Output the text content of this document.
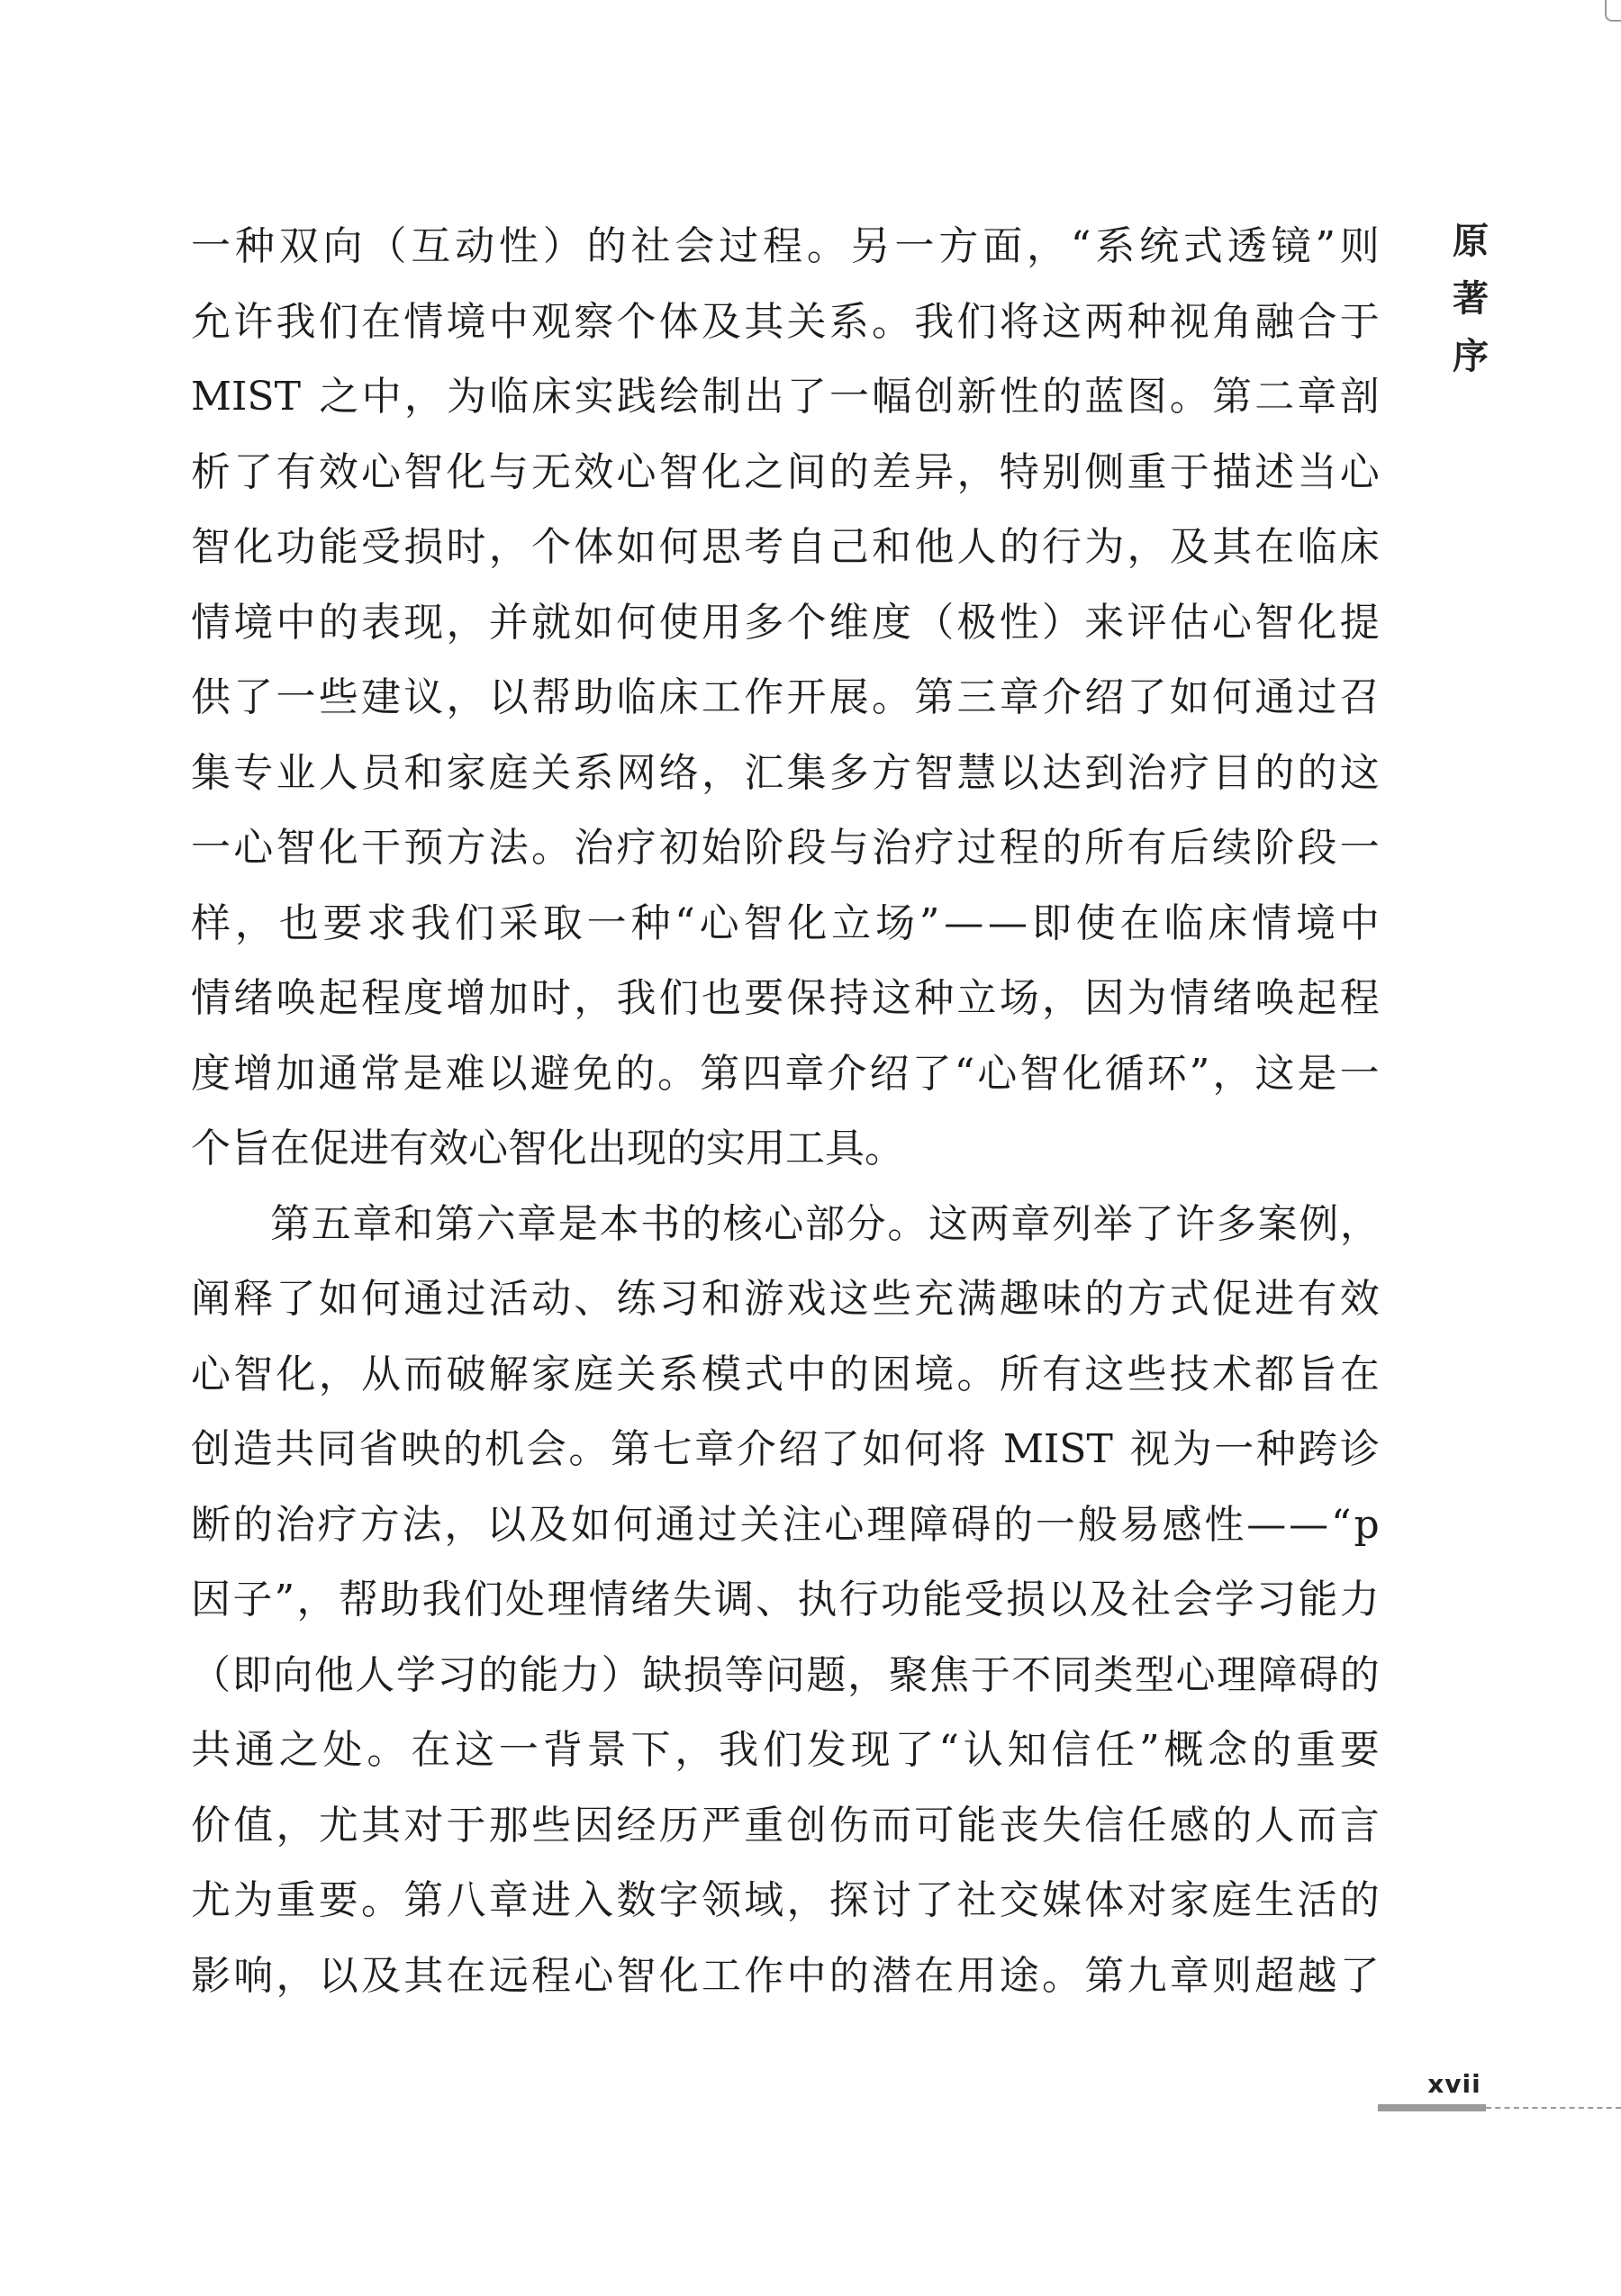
一 种 双 向 （ 互 动 性 ） 的 社 会 过 程 。 另 一 方 面 ， “ 系 统 式 透 镜 ” 则
允 许 我 们 在 情 境 中 观 察 个 体 及 其 关 系 。 我 们 将 这 两 种 视 角 融 合 于
MIST
之 中 ， 为 临 床 实 践 绘 制 出 了 一 幅 创 新 性 的 蓝 图 。 第 二 章 剖
析 了 有 效 心 智 化 与 无 效 心 智 化 之 间 的 差 异 ， 特 别 侧 重 于 描 述 当 心
智 化 功 能 受 损 时 ， 个 体 如 何 思 考 自 己 和 他 人 的 行 为 ， 及 其 在 临 床
情 境 中 的 表 现 ， 并 就 如 何 使 用 多 个 维 度 （ 极 性 ） 来 评 估 心 智 化 提
供 了 一 些 建 议 ， 以 帮 助 临 床 工 作 开 展 。 第 三 章 介 绍 了 如 何 通 过 召
集 专 业 人 员 和 家 庭 关 系 网 络 ， 汇 集 多 方 智 慧 以 达 到 治 疗 目 的 的 这
一 心 智 化 干 预 方 法 。 治 疗 初 始 阶 段 与 治 疗 过 程 的 所 有 后 续 阶 段 一
样 ， 也 要 求 我 们 采 取 一 种 “ 心 智 化 立 场 ” — — 即 使 在 临 床 情 境 中
情 绪 唤 起 程 度 增 加 时 ， 我 们 也 要 保 持 这 种 立 场 ， 因 为 情 绪 唤 起 程
度 增 加 通 常 是 难 以 避 免 的 。 第 四 章 介 绍 了 “ 心 智 化 循 环 ” ， 这 是 一
个 旨 在 促 进 有 效 心 智 化 出 现 的 实 用 工 具 。
第 五 章 和 第 六 章 是 本 书 的 核 心 部 分 。 这 两 章 列 举 了 许 多 案 例 ，
阐 释 了 如 何 通 过 活 动 、 练 习 和 游 戏 这 些 充 满 趣 味 的 方 式 促 进 有 效
心 智 化 ， 从 而 破 解 家 庭 关 系 模 式 中 的 困 境 。 所 有 这 些 技 术 都 旨 在
创 造 共 同 省 映 的 机 会 。 第 七 章 介 绍 了 如 何 将
MIST
视 为 一 种 跨 诊
断 的 治 疗 方 法 ， 以 及 如 何 通 过 关 注 心 理 障 碍 的 一 般 易 感 性 — — “ p
因 子 ” ， 帮 助 我 们 处 理 情 绪 失 调 、 执 行 功 能 受 损 以 及 社 会 学 习 能 力
（ 即 向 他 人 学 习 的 能 力 ） 缺 损 等 问 题 ， 聚 焦 于 不 同 类 型 心 理 障 碍 的
共 通 之 处 。 在 这 一 背 景 下 ， 我 们 发 现 了 “ 认 知 信 任 ” 概 念 的 重 要
价 值 ， 尤 其 对 于 那 些 因 经 历 严 重 创 伤 而 可 能 丧 失 信 任 感 的 人 而 言
尤 为 重 要 。 第 八 章 进 入 数 字 领 域 ， 探 讨 了 社 交 媒 体 对 家 庭 生 活 的
影 响 ， 以 及 其 在 远 程 心 智 化 工 作 中 的 潜 在 用 途 。 第 九 章 则 超 越 了
原
著
序
xvii
